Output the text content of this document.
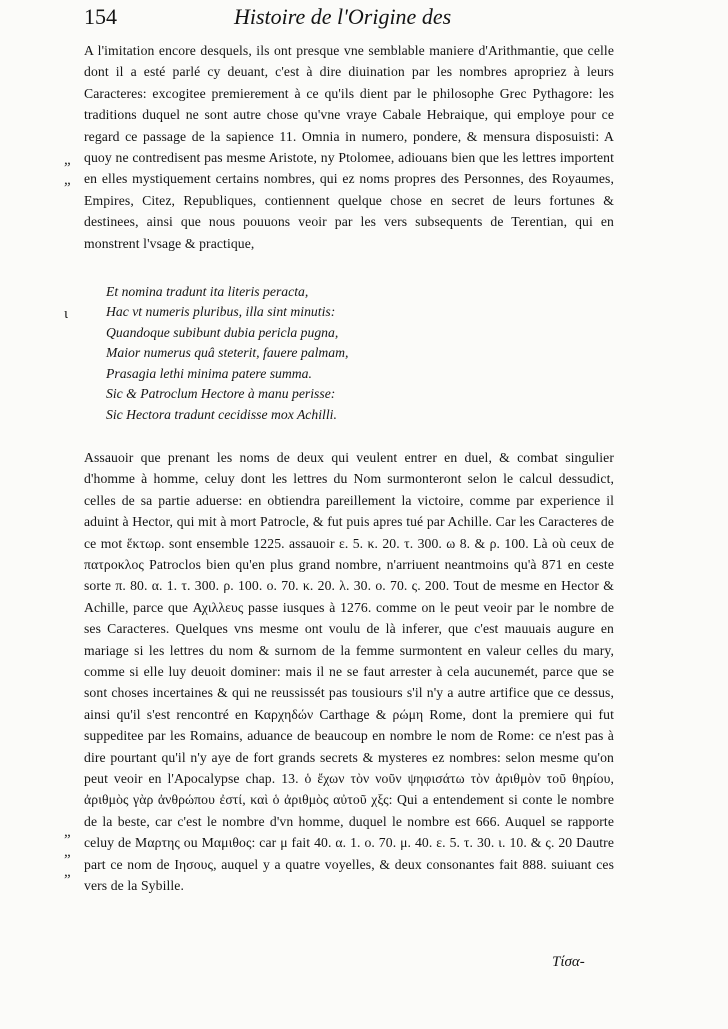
154	Histoire de l'Origine des
„
„
ɩ
„
„
„

A l'imitation encore desquels, ils ont presque vne semblable maniere d'Arithmantie, que celle dont il a esté parlé cy deuant, c'est à dire diuination par les nombres apropriez à leurs Caracteres: excogitee premierement à ce qu'ils dient par le philosophe Grec Pythagore: les traditions duquel ne sont autre chose qu'vne vraye Cabale Hebraique, qui employe pour ce regard ce passage de la sapience 11. Omnia in numero, pondere, & mensura disposuisti: A quoy ne contredisent pas mesme Aristote, ny Ptolomee, adiouans bien que les lettres importent en elles mystiquement certains nombres, qui ez noms propres des Personnes, des Royaumes, Empires, Citez, Republiques, contiennent quelque chose en secret de leurs fortunes & destinees, ainsi que nous pouuons veoir par les vers subsequents de Terentian, qui en monstrent l'vsage & practique,

Et nomina tradunt ita literis peracta,
Hac vt numeris pluribus, illa sint minutis:
Quandoque subibunt dubia pericla pugna,
Maior numerus quâ steterit, fauere palmam,
Prasagia lethi minima patere summa.
Sic & Patroclum Hectore à manu perisse:
Sic Hectora tradunt cecidisse mox Achilli.

Assauoir que prenant les noms de deux qui veulent entrer en duel, & combat singulier d'homme à homme, celuy dont les lettres du Nom surmonteront selon le calcul dessudict, celles de sa partie aduerse: en obtiendra pareillement la victoire, comme par experience il aduint à Hector, qui mit à mort Patrocle, & fut puis apres tué par Achille. Car les Caracteres de ce mot ἕκτωρ. sont ensemble 1225. assauoir ε. 5. κ. 20. τ. 300. ω 8. & ρ. 100. Là où ceux de πατροκλος Patroclos bien qu'en plus grand nombre, n'arriuent neantmoins qu'à 871 en ceste sorte π. 80. α. 1. τ. 300. ρ. 100. ο. 70. κ. 20. λ. 30. ο. 70. ς. 200. Tout de mesme en Hector & Achille, parce que Αχιλλευς passe iusques à 1276. comme on le peut veoir par le nombre de ses Caracteres. Quelques vns mesme ont voulu de là inferer, que c'est mauuais augure en mariage si les lettres du nom & surnom de la femme surmontent en valeur celles du mary, comme si elle luy deuoit dominer: mais il ne se faut arrester à cela aucunemét, parce que se sont choses incertaines & qui ne reussissét pas tousiours s'il n'y a autre artifice que ce dessus, ainsi qu'il s'est rencontré en Καρχηδών Carthage & ρώμη Rome, dont la premiere qui fut suppeditee par les Romains, aduance de beaucoup en nombre le nom de Rome: ce n'est pas à dire pourtant qu'il n'y aye de fort grands secrets & mysteres ez nombres: selon mesme qu'on peut veoir en l'Apocalypse chap. 13. ὁ ἔχων τὸν νοῦν ψηφισάτω τὸν ἀριθμὸν τοῦ θηρίου, ἀριθμὸς γὰρ ἀνθρώπου ἐστί, καὶ ὁ ἀριθμὸς αὐτοῦ χξς: Qui a entendement si conte le nombre de la beste, car c'est le nombre d'vn homme, duquel le nombre est 666. Auquel se rapporte celuy de Μαρτης ou Μαμιθος: car μ fait 40. α. 1. ο. 70. μ. 40. ε. 5. τ. 30. ι. 10. & ς. 20 Dautre part ce nom de Ιησους, auquel y a quatre voyelles, & deux consonantes fait 888. suiuant ces vers de la Sybille.

Τίσα-
